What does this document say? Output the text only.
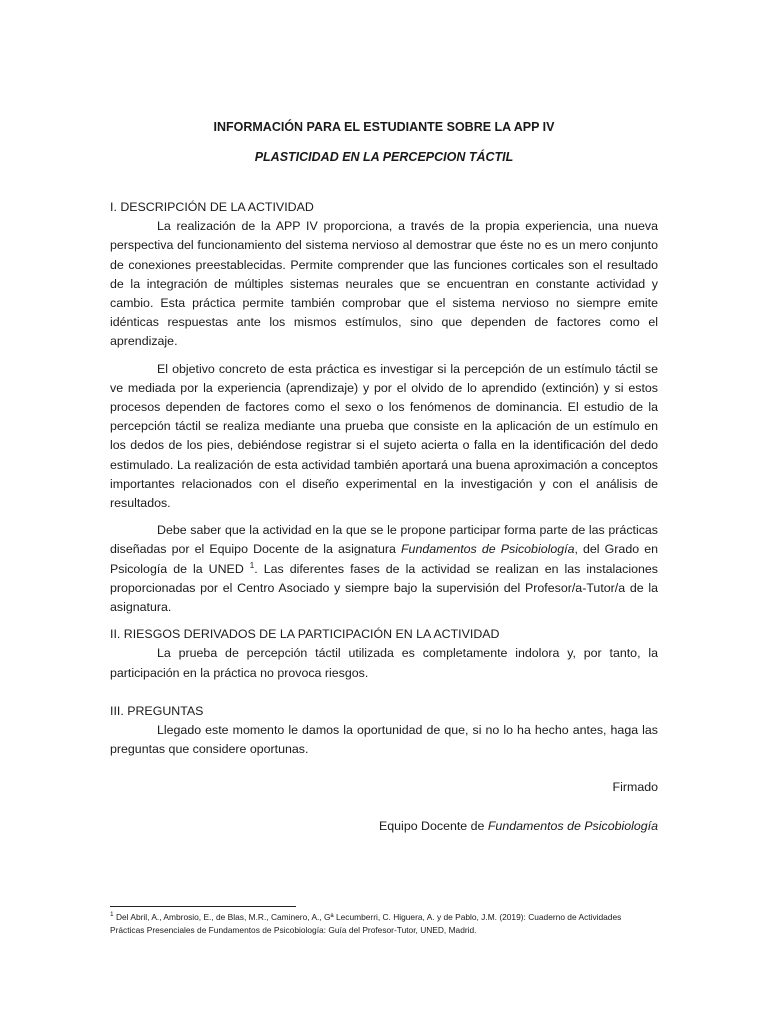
INFORMACIÓN PARA EL ESTUDIANTE SOBRE LA APP IV
PLASTICIDAD EN LA PERCEPCION TÁCTIL

I. DESCRIPCIÓN DE LA ACTIVIDAD

La realización de la APP IV proporciona, a través de la propia experiencia, una nueva perspectiva del funcionamiento del sistema nervioso al demostrar que éste no es un mero conjunto de conexiones preestablecidas. Permite comprender que las funciones corticales son el resultado de la integración de múltiples sistemas neurales que se encuentran en constante actividad y cambio. Esta práctica permite también comprobar que el sistema nervioso no siempre emite idénticas respuestas ante los mismos estímulos, sino que dependen de factores como el aprendizaje.

El objetivo concreto de esta práctica es investigar si la percepción de un estímulo táctil se ve mediada por la experiencia (aprendizaje) y por el olvido de lo aprendido (extinción) y si estos procesos dependen de factores como el sexo o los fenómenos de dominancia. El estudio de la percepción táctil se realiza mediante una prueba que consiste en la aplicación de un estímulo en los dedos de los pies, debiéndose registrar si el sujeto acierta o falla en la identificación del dedo estimulado. La realización de esta actividad también aportará una buena aproximación a conceptos importantes relacionados con el diseño experimental en la investigación y con el análisis de resultados.

Debe saber que la actividad en la que se le propone participar forma parte de las prácticas diseñadas por el Equipo Docente de la asignatura Fundamentos de Psicobiología, del Grado en Psicología de la UNED $^1$. Las diferentes fases de la actividad se realizan en las instalaciones proporcionadas por el Centro Asociado y siempre bajo la supervisión del Profesor/a-Tutor/a de la asignatura.

II. RIESGOS DERIVADOS DE LA PARTICIPACIÓN EN LA ACTIVIDAD

La prueba de percepción táctil utilizada es completamente indolora y, por tanto, la participación en la práctica no provoca riesgos.

III. PREGUNTAS

Llegado este momento le damos la oportunidad de que, si no lo ha hecho antes, haga las preguntas que considere oportunas.

Firmado

Equipo Docente de Fundamentos de Psicobiología

$^1$ Del Abril, A., Ambrosio, E., de Blas, M.R., Caminero, A., Gª Lecumberri, C. Higuera, A. y de Pablo, J.M. (2019): Cuaderno de Actividades Prácticas Presenciales de Fundamentos de Psicobiología: Guía del Profesor-Tutor, UNED, Madrid.
